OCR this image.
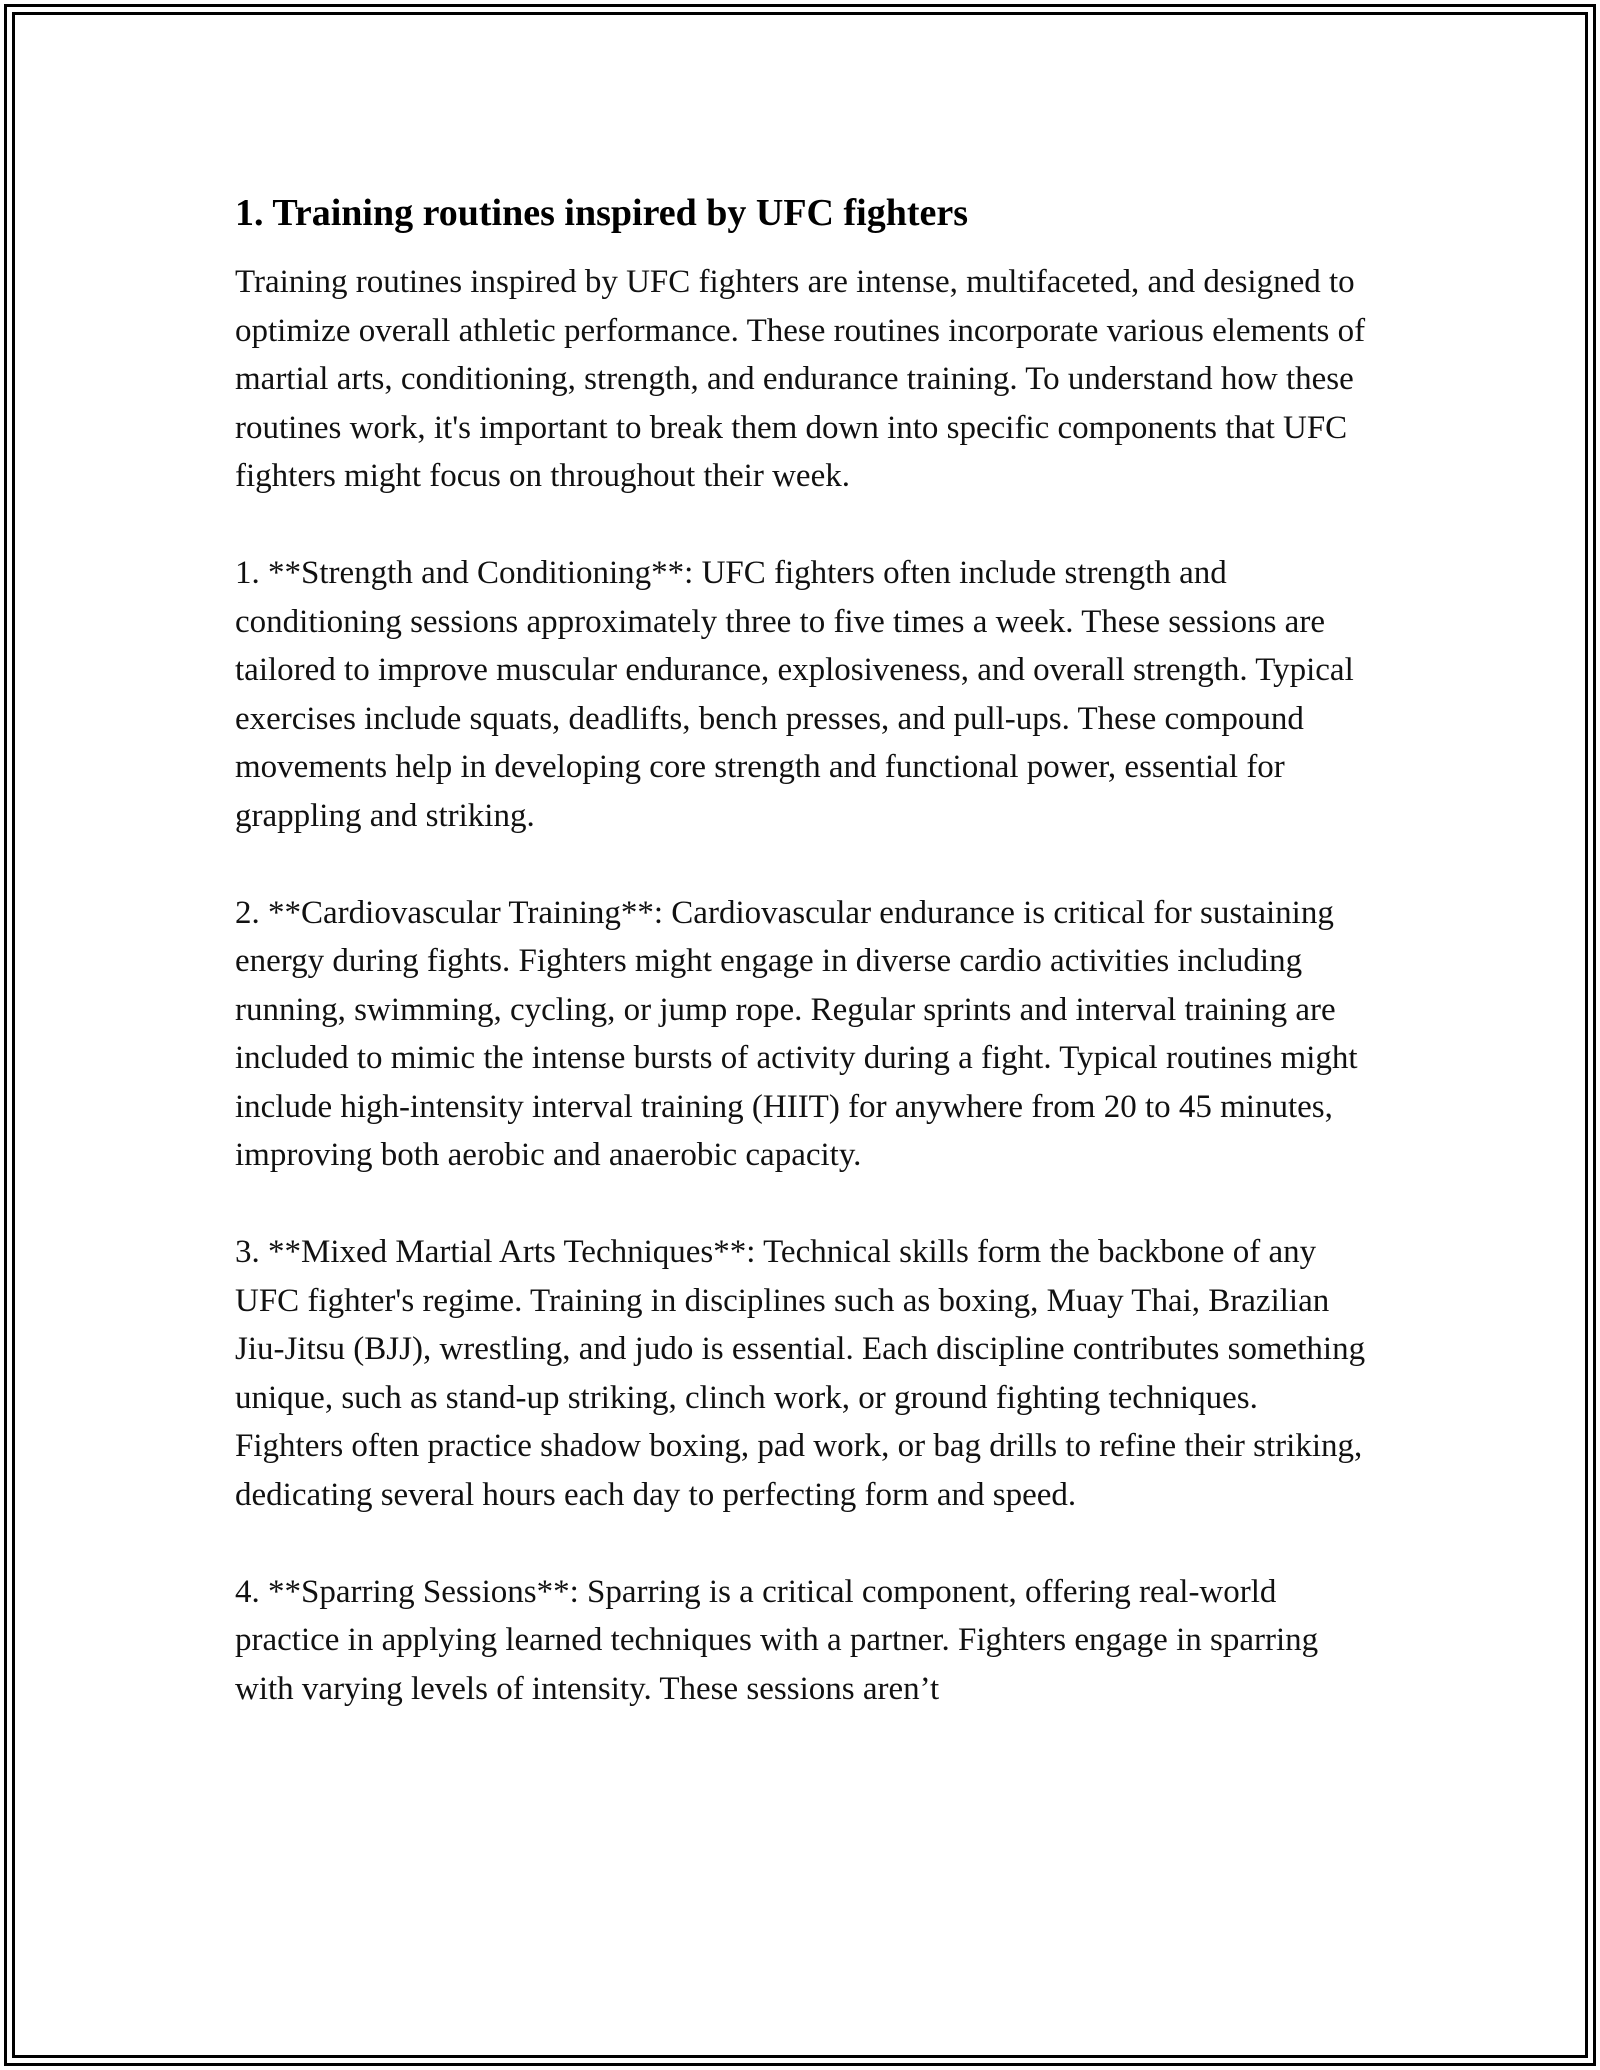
1. Training routines inspired by UFC fighters

Training routines inspired by UFC fighters are intense, multifaceted, and designed to optimize overall athletic performance. These routines incorporate various elements of martial arts, conditioning, strength, and endurance training. To understand how these routines work, it's important to break them down into specific components that UFC fighters might focus on throughout their week.

1. **Strength and Conditioning**: UFC fighters often include strength and conditioning sessions approximately three to five times a week. These sessions are tailored to improve muscular endurance, explosiveness, and overall strength. Typical exercises include squats, deadlifts, bench presses, and pull-ups. These compound movements help in developing core strength and functional power, essential for grappling and striking.

2. **Cardiovascular Training**: Cardiovascular endurance is critical for sustaining energy during fights. Fighters might engage in diverse cardio activities including running, swimming, cycling, or jump rope. Regular sprints and interval training are included to mimic the intense bursts of activity during a fight. Typical routines might include high-intensity interval training (HIIT) for anywhere from 20 to 45 minutes, improving both aerobic and anaerobic capacity.

3. **Mixed Martial Arts Techniques**: Technical skills form the backbone of any UFC fighter's regime. Training in disciplines such as boxing, Muay Thai, Brazilian Jiu-Jitsu (BJJ), wrestling, and judo is essential. Each discipline contributes something unique, such as stand-up striking, clinch work, or ground fighting techniques. Fighters often practice shadow boxing, pad work, or bag drills to refine their striking, dedicating several hours each day to perfecting form and speed.

4. **Sparring Sessions**: Sparring is a critical component, offering real-world practice in applying learned techniques with a partner. Fighters engage in sparring with varying levels of intensity. These sessions aren’t
